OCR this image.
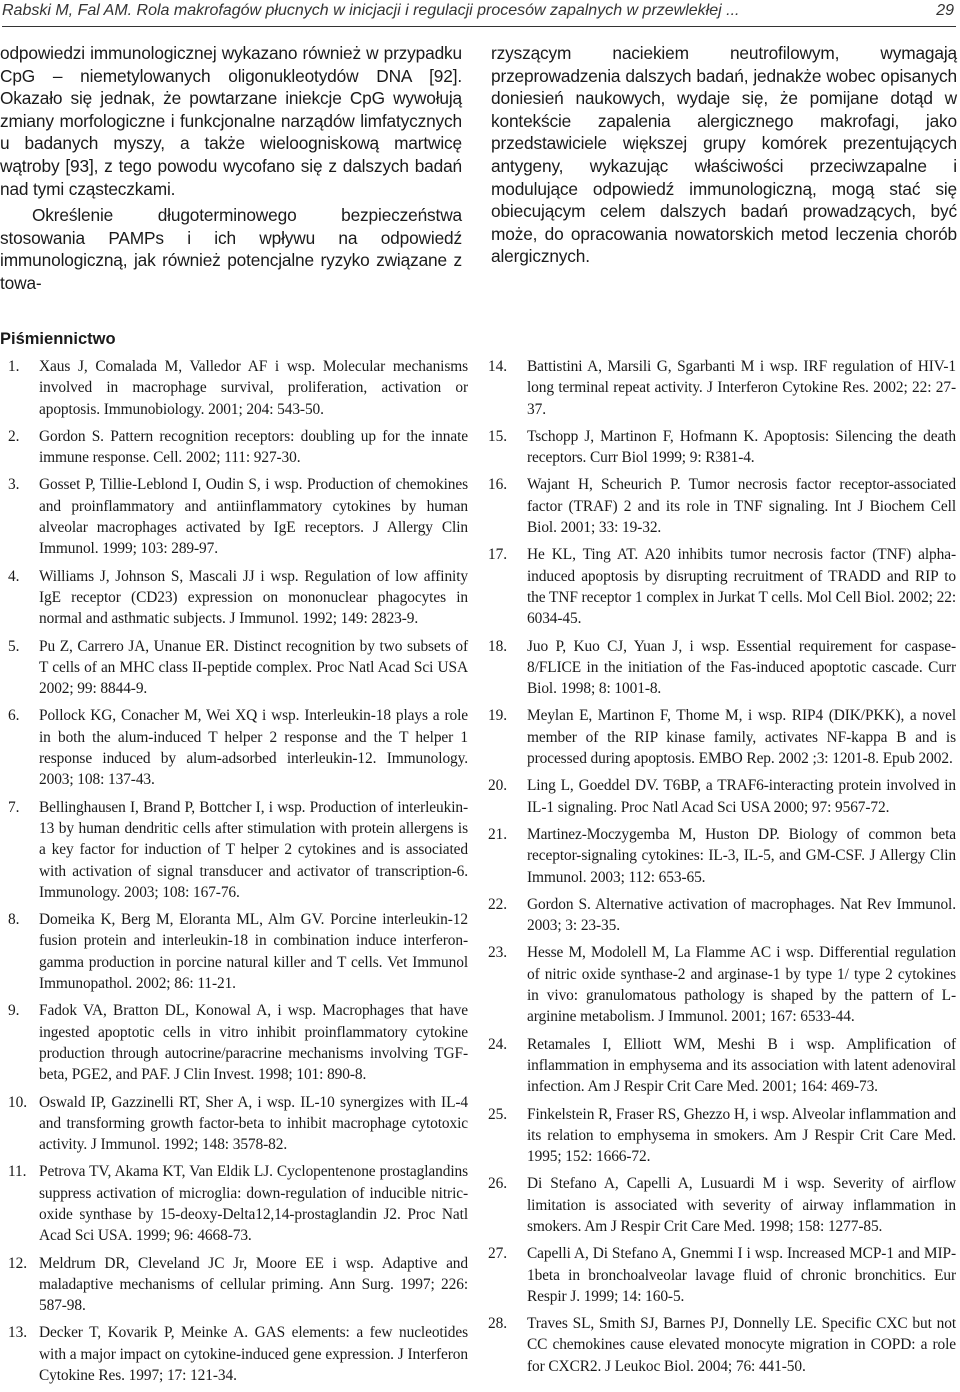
Rabski M, Fal AM. Rola makrofagów płucnych w inicjacji i regulacji procesów zapalnych w przewlekłej ...	29

odpowiedzi immunologicznej wykazano również w przypadku CpG – niemetylowanych oligonukleotydów DNA [92]. Okazało się jednak, że powtarzane iniekcje CpG wywołują zmiany morfologiczne i funkcjonalne narządów limfatycznych u badanych myszy, a także wieloogniskową martwicę wątroby [93], z tego powodu wycofano się z dalszych badań nad tymi cząsteczkami.

Określenie długoterminowego bezpieczeństwa stosowania PAMPs i ich wpływu na odpowiedź immunologiczną, jak również potencjalne ryzyko związane z towa-

rzyszącym naciekiem neutrofilowym, wymagają przeprowadzenia dalszych badań, jednakże wobec opisanych doniesień naukowych, wydaje się, że pomijane dotąd w kontekście zapalenia alergicznego makrofagi, jako przedstawiciele większej grupy komórek prezentujących antygeny, wykazując właściwości przeciwzapalne i modulujące odpowiedź immunologiczną, mogą stać się obiecującym celem dalszych badań prowadzących, być może, do opracowania nowatorskich metod leczenia chorób alergicznych.

Piśmiennictwo
1. Xaus J, Comalada M, Valledor AF i wsp. Molecular mechanisms involved in macrophage survival, proliferation, activation or apoptosis. Immunobiology. 2001; 204: 543-50.
2. Gordon S. Pattern recognition receptors: doubling up for the innate immune response. Cell. 2002; 111: 927-30.
3. Gosset P, Tillie-Leblond I, Oudin S, i wsp. Production of chemokines and proinflammatory and antiinflammatory cytokines by human alveolar macrophages activated by IgE receptors. J Allergy Clin Immunol. 1999; 103: 289-97.
4. Williams J, Johnson S, Mascali JJ i wsp. Regulation of low affinity IgE receptor (CD23) expression on mononuclear phagocytes in normal and asthmatic subjects. J Immunol. 1992; 149: 2823-9.
5. Pu Z, Carrero JA, Unanue ER. Distinct recognition by two subsets of T cells of an MHC class II-peptide complex. Proc Natl Acad Sci USA 2002; 99: 8844-9.
6. Pollock KG, Conacher M, Wei XQ i wsp. Interleukin-18 plays a role in both the alum-induced T helper 2 response and the T helper 1 response induced by alum-adsorbed interleukin-12. Immunology. 2003; 108: 137-43.
7. Bellinghausen I, Brand P, Bottcher I, i wsp. Production of interleukin-13 by human dendritic cells after stimulation with protein allergens is a key factor for induction of T helper 2 cytokines and is associated with activation of signal transducer and activator of transcription-6. Immunology. 2003; 108: 167-76.
8. Domeika K, Berg M, Eloranta ML, Alm GV. Porcine interleukin-12 fusion protein and interleukin-18 in combination induce interferon-gamma production in porcine natural killer and T cells. Vet Immunol Immunopathol. 2002; 86: 11-21.
9. Fadok VA, Bratton DL, Konowal A, i wsp. Macrophages that have ingested apoptotic cells in vitro inhibit proinflammatory cytokine production through autocrine/paracrine mechanisms involving TGF-beta, PGE2, and PAF. J Clin Invest. 1998; 101: 890-8.
10. Oswald IP, Gazzinelli RT, Sher A, i wsp. IL-10 synergizes with IL-4 and transforming growth factor-beta to inhibit macrophage cytotoxic activity. J Immunol. 1992; 148: 3578-82.
11. Petrova TV, Akama KT, Van Eldik LJ. Cyclopentenone prostaglandins suppress activation of microglia: down-regulation of inducible nitric-oxide synthase by 15-deoxy-Delta12,14-prostaglandin J2. Proc Natl Acad Sci USA. 1999; 96: 4668-73.
12. Meldrum DR, Cleveland JC Jr, Moore EE i wsp. Adaptive and maladaptive mechanisms of cellular priming. Ann Surg. 1997; 226: 587-98.
13. Decker T, Kovarik P, Meinke A. GAS elements: a few nucleotides with a major impact on cytokine-induced gene expression. J Interferon Cytokine Res. 1997; 17: 121-34.
14. Battistini A, Marsili G, Sgarbanti M i wsp. IRF regulation of HIV-1 long terminal repeat activity. J Interferon Cytokine Res. 2002; 22: 27-37.
15. Tschopp J, Martinon F, Hofmann K. Apoptosis: Silencing the death receptors. Curr Biol 1999; 9: R381-4.
16. Wajant H, Scheurich P. Tumor necrosis factor receptor-associated factor (TRAF) 2 and its role in TNF signaling. Int J Biochem Cell Biol. 2001; 33: 19-32.
17. He KL, Ting AT. A20 inhibits tumor necrosis factor (TNF) alpha-induced apoptosis by disrupting recruitment of TRADD and RIP to the TNF receptor 1 complex in Jurkat T cells. Mol Cell Biol. 2002; 22: 6034-45.
18. Juo P, Kuo CJ, Yuan J, i wsp. Essential requirement for caspase-8/FLICE in the initiation of the Fas-induced apoptotic cascade. Curr Biol. 1998; 8: 1001-8.
19. Meylan E, Martinon F, Thome M, i wsp. RIP4 (DIK/PKK), a novel member of the RIP kinase family, activates NF-kappa B and is processed during apoptosis. EMBO Rep. 2002 ;3: 1201-8. Epub 2002.
20. Ling L, Goeddel DV. T6BP, a TRAF6-interacting protein involved in IL-1 signaling. Proc Natl Acad Sci USA 2000; 97: 9567-72.
21. Martinez-Moczygemba M, Huston DP. Biology of common beta receptor-signaling cytokines: IL-3, IL-5, and GM-CSF. J Allergy Clin Immunol. 2003; 112: 653-65.
22. Gordon S. Alternative activation of macrophages. Nat Rev Immunol. 2003; 3: 23-35.
23. Hesse M, Modolell M, La Flamme AC i wsp. Differential regulation of nitric oxide synthase-2 and arginase-1 by type 1/ type 2 cytokines in vivo: granulomatous pathology is shaped by the pattern of L-arginine metabolism. J Immunol. 2001; 167: 6533-44.
24. Retamales I, Elliott WM, Meshi B i wsp. Amplification of inflammation in emphysema and its association with latent adenoviral infection. Am J Respir Crit Care Med. 2001; 164: 469-73.
25. Finkelstein R, Fraser RS, Ghezzo H, i wsp. Alveolar inflammation and its relation to emphysema in smokers. Am J Respir Crit Care Med. 1995; 152: 1666-72.
26. Di Stefano A, Capelli A, Lusuardi M i wsp. Severity of airflow limitation is associated with severity of airway inflammation in smokers. Am J Respir Crit Care Med. 1998; 158: 1277-85.
27. Capelli A, Di Stefano A, Gnemmi I i wsp. Increased MCP-1 and MIP-1beta in bronchoalveolar lavage fluid of chronic bronchitics. Eur Respir J. 1999; 14: 160-5.
28. Traves SL, Smith SJ, Barnes PJ, Donnelly LE. Specific CXC but not CC chemokines cause elevated monocyte migration in COPD: a role for CXCR2. J Leukoc Biol. 2004; 76: 441-50.
